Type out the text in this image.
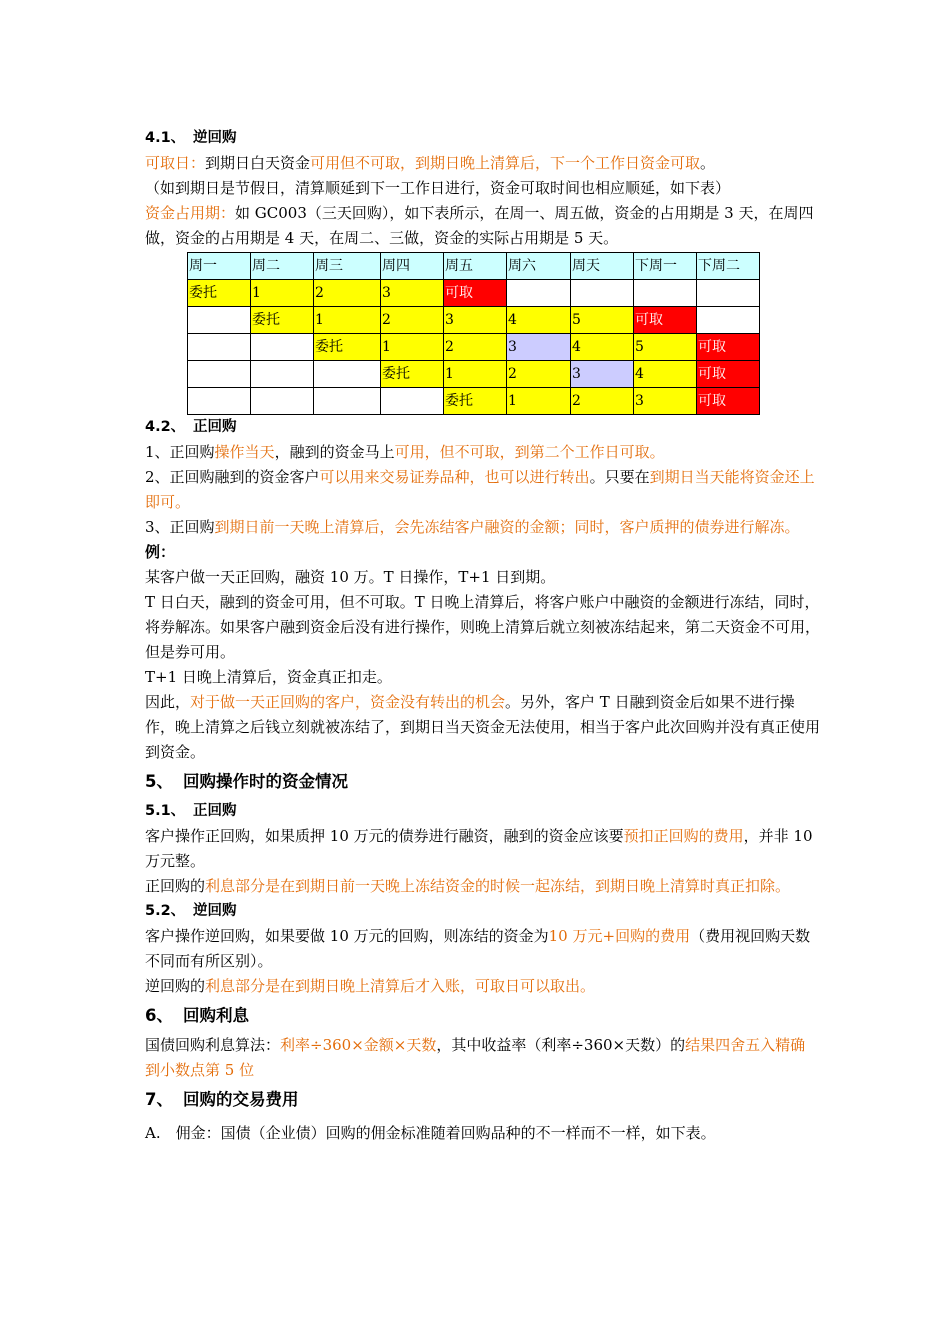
4.1、 逆回购

可取日：到期日白天资金可用但不可取，到期日晚上清算后，下一个工作日资金可取。

（如到期日是节假日，清算顺延到下一工作日进行，资金可取时间也相应顺延，如下表）

资金占用期：如 GC003（三天回购），如下表所示，在周一、周五做，资金的占用期是 3 天，在周四做，资金的占用期是 4 天，在周二、三做，资金的实际占用期是 5 天。

周一	周二	周三	周四	周五	周六	周天	下周一	下周二
委托	1	2	3	可取				
	委托	1	2	3	4	5	可取	
		委托	1	2	3	4	5	可取
			委托	1	2	3	4	可取
				委托	1	2	3	可取
4.2、 正回购

1、正回购操作当天，融到的资金马上可用，但不可取，到第二个工作日可取。

2、正回购融到的资金客户可以用来交易证券品种，也可以进行转出。只要在到期日当天能将资金还上即可。

3、正回购到期日前一天晚上清算后，会先冻结客户融资的金额；同时，客户质押的债券进行解冻。

例：

某客户做一天正回购，融资 10 万。T 日操作，T+1 日到期。

T 日白天，融到的资金可用，但不可取。T 日晚上清算后，将客户账户中融资的金额进行冻结，同时，将券解冻。如果客户融到资金后没有进行操作，则晚上清算后就立刻被冻结起来，第二天资金不可用，但是券可用。

T+1 日晚上清算后，资金真正扣走。

因此，对于做一天正回购的客户，资金没有转出的机会。另外，客户 T 日融到资金后如果不进行操作，晚上清算之后钱立刻就被冻结了，到期日当天资金无法使用，相当于客户此次回购并没有真正使用到资金。

5、 回购操作时的资金情况
5.1、 正回购

客户操作正回购，如果质押 10 万元的债券进行融资，融到的资金应该要预扣正回购的费用，并非 10 万元整。

正回购的利息部分是在到期日前一天晚上冻结资金的时候一起冻结，到期日晚上清算时真正扣除。

5.2、 逆回购

客户操作逆回购，如果要做 10 万元的回购，则冻结的资金为10 万元+回购的费用（费用视回购天数不同而有所区别）。

逆回购的利息部分是在到期日晚上清算后才入账，可取日可以取出。

6、 回购利息

国债回购利息算法：利率÷360×金额×天数，其中收益率（利率÷360×天数）的结果四舍五入精确到小数点第 5 位

7、 回购的交易费用

A.　佣金：国债（企业债）回购的佣金标准随着回购品种的不一样而不一样，如下表。
